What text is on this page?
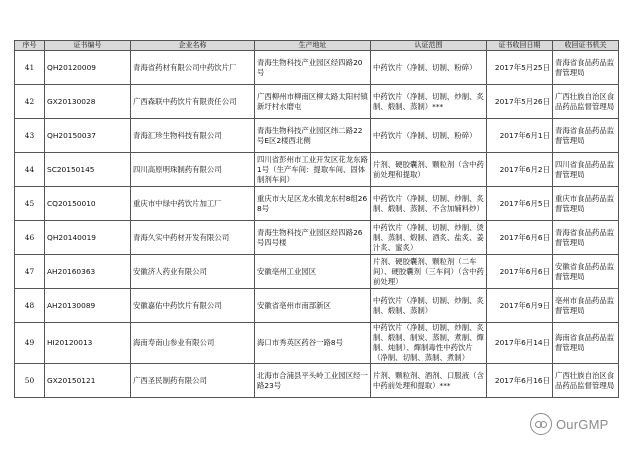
序号	证书编号	企业名称	生产地址	认证范围	证书收回日期	收回证书机关
41	QH20120009	青海省药材有限公司中药饮片厂	青海生物科技产业园区经四路20号	中药饮片（净制、切制、粉碎）	2017年5月25日	青海省食品药品监督管理局
42	GX20130028	广西森联中药饮片有限责任公司	广西柳州市柳南区柳太路太阳村镇新圩村水磨屯	中药饮片（净制、切制、炒制、炙制、煅制、蒸制）***	2017年5月26日	广西壮族自治区食品药品监督管理局
43	QH20150037	青海汇珍生物科技有限公司	青海生物科技产业园区纬二路22号E区2楼西北侧	中药饮片（净制、切制、粉碎）	2017年6月1日	青海省食品药品监督管理局
44	SC20150145	四川高原明珠制药有限公司	四川省彭州市工业开发区花龙东路1号（生产车间：提取车间、固体制剂车间）	片剂、硬胶囊剂、颗粒剂（含中药前处理和提取）	2017年6月2日	四川省食品药品监督管理局
45	CQ20150010	重庆市中绿中药饮片加工厂	重庆市大足区龙水镇龙东村8组268号	中药饮片（净制、切制、炒制、炙制、煅制、蒸制、不含加辅料炒）	2017年6月5日	重庆市食品药品监督管理局
46	QH20140019	青海久实中药材开发有限公司	青海生物科技产业园区经四路26号四号楼	中药饮片（净制、切制、炒制、烫制、蒸制、煅制、酒炙、盐炙、姜汁炙、蜜炙）	2017年6月6日	青海省食品药品监督管理局
47	AH20160363	安徽济人药业有限公司	安徽亳州工业园区	片剂、硬胶囊剂、颗粒剂（二车间）、硬胶囊剂（三车间）（含中药前处理）	2017年6月6日	安徽省食品药品监督管理局
48	AH20130089	安徽嘉佑中药饮片有限公司	安徽省亳州市南部新区	中药饮片（净制、切制、炒制、炙制、煅制、蒸制）	2017年6月9日	亳州市食品药品监督管理局
49	HI20120013	海南寿南山参业有限公司	海口市秀英区药谷一路8号	中药饮片（净制、切制、炒制、炙制、煅制、制炭、蒸制、煮制、燀制、炖制）、燀制毒性中药饮片（净制、切制、蒸制、煮制）	2017年6月14日	海南省食品药品监督管理局
50	GX20150121	广西圣民制药有限公司	北海市合浦县平头岭工业园区经一路23号	片剂、颗粒剂、酒剂、口服液（含中药前处理和提取）***	2017年6月16日	广西壮族自治区食品药品监督管理局
OurGMP
